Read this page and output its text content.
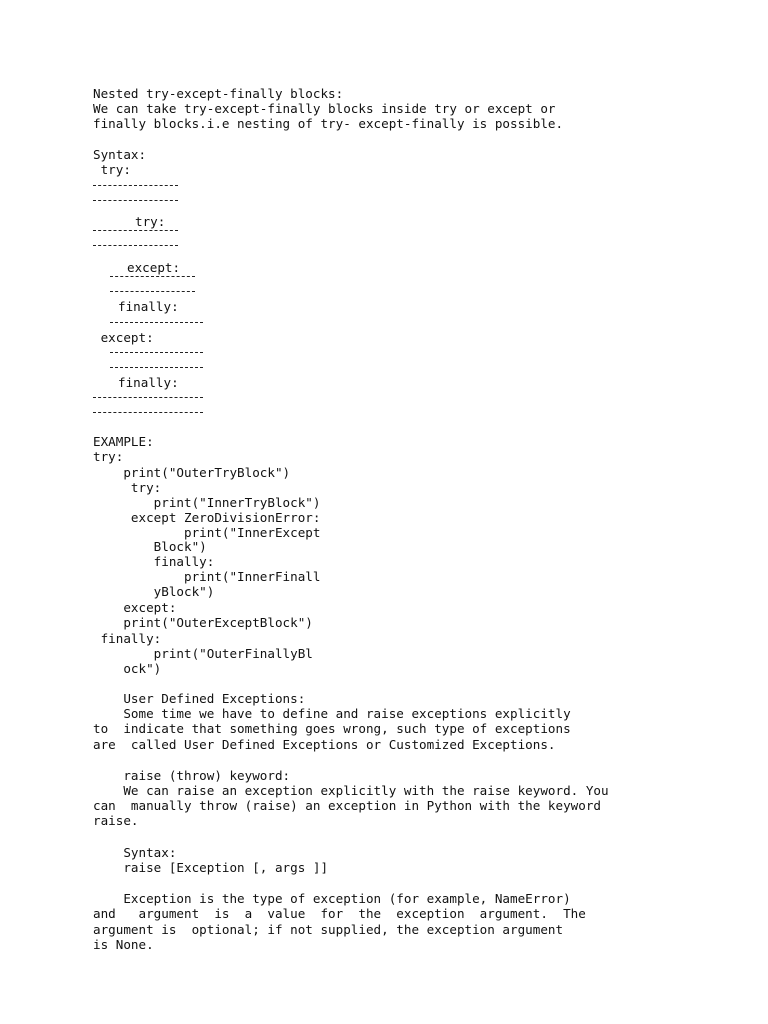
Nested try-except-finally blocks:
We can take try-except-finally blocks inside try or except or
finally blocks.i.e nesting of try- except-finally is possible.
Syntax:
try:
try:
except:
finally:
except:
finally:
EXAMPLE:
try:
print("OuterTryBlock")
try:
print("InnerTryBlock")
except ZeroDivisionError:
print("InnerExcept
Block")
finally:
print("InnerFinall
yBlock")
except:
print("OuterExceptBlock")
finally:
print("OuterFinallyBl
ock")
User Defined Exceptions:
Some time we have to define and raise exceptions explicitly
to  indicate that something goes wrong, such type of exceptions
are  called User Defined Exceptions or Customized Exceptions.
raise (throw) keyword:
We can raise an exception explicitly with the raise keyword. You
can  manually throw (raise) an exception in Python with the keyword
raise.
Syntax:
raise [Exception [, args ]]
Exception is the type of exception (for example, NameError)
and   argument  is  a  value  for  the  exception  argument.  The
argument is  optional; if not supplied, the exception argument
is None.
